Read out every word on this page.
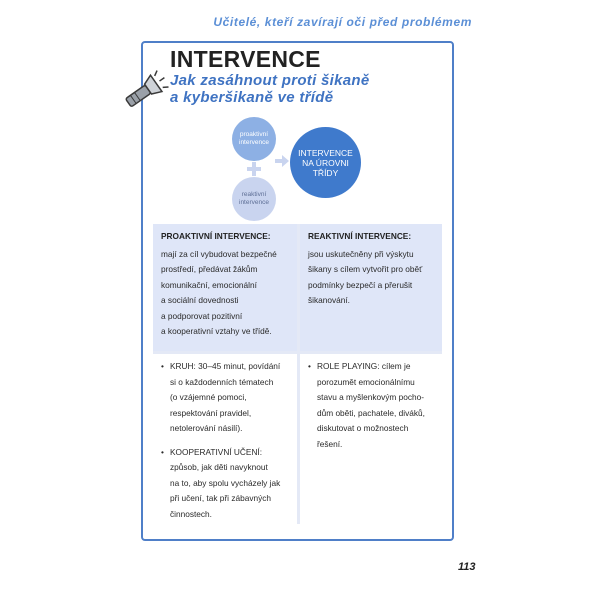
Učitelé, kteří zavírají oči před problémem
INTERVENCE
Jak zasáhnout proti šikaně
a kyberšikaně ve třídě
proaktivní
intervence
reaktivní
intervence
INTERVENCE
NA ÚROVNI
TŘÍDY
PROAKTIVNÍ INTERVENCE:
mají za cíl vybudovat bezpečné
prostředí, předávat žákům
komunikační, emocionální
a sociální dovednosti
a podporovat pozitivní
a kooperativní vztahy ve třídě.
REAKTIVNÍ INTERVENCE:
jsou uskutečněny při výskytu
šikany s cílem vytvořit pro oběť
podmínky bezpečí a přerušit
šikanování.
• KRUH: 30–45 minut, povídání
si o každodenních tématech
(o vzájemné pomoci,
respektování pravidel,
netolerování násilí).
• KOOPERATIVNÍ UČENÍ:
způsob, jak děti navyknout
na to, aby spolu vycházely jak
při učení, tak při zábavných
činnostech.
• ROLE PLAYING: cílem je
porozumět emocionálnímu
stavu a myšlenkovým pocho-
dům oběti, pachatele, diváků,
diskutovat o možnostech
řešení.
113
